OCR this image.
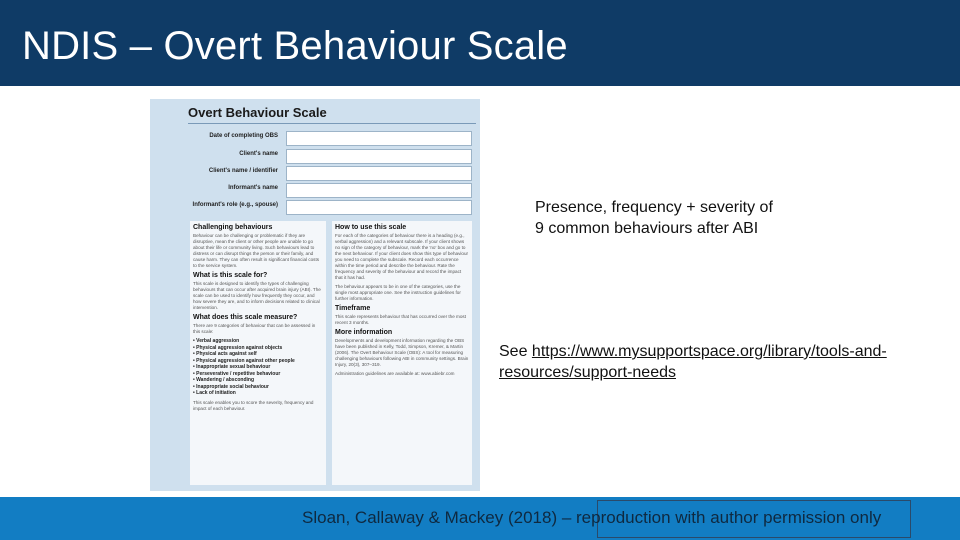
NDIS – Overt Behaviour Scale
Overt Behaviour Scale
Date of completing OBS
Client's name
Client's name / identifier
Informant's name
Informant's role (e.g., spouse)
Challenging behaviours
Behaviour can be challenging or problematic if they are disruptive, mean the client or other people are unable to go about their life or community living. Such behaviours lead to distress or can disrupt things the person or their family, and cause harm. They can often result in significant financial costs to the service system.
What is this scale for?
This scale is designed to identify the types of challenging behaviours that can occur after acquired brain injury (ABI). The scale can be used to identify how frequently they occur, and how severe they are, and to inform decisions related to clinical intervention.
What does this scale measure?
There are 9 categories of behaviour that can be assessed in this scale:
• Verbal aggression
• Physical aggression against objects
• Physical acts against self
• Physical aggression against other people
• Inappropriate sexual behaviour
• Perseverative / repetitive behaviour
• Wandering / absconding
• Inappropriate social behaviour
• Lack of initiation
This scale enables you to score the severity, frequency and impact of each behaviour.
How to use this scale
For each of the categories of behaviour there is a heading (e.g., verbal aggression) and a relevant subscale. If your client shows no sign of the category of behaviour, mark the 'no' box and go to the next behaviour. If your client does show this type of behaviour you need to complete the subscale. Record each occurrence within the time period and describe the behaviour. Rate the frequency and severity of the behaviour and record the impact that it has had.
The behaviour appears to be in one of the categories, use the single most appropriate one. See the instruction guidelines for further information.
Timeframe
This scale represents behaviour that has occurred over the most recent 3 months.
More information
Developments and development information regarding the OBS have been published in Kelly, Todd, Simpson, Kremer, & Martin (2006). The Overt Behaviour Scale (OBS): A tool for measuring challenging behaviours following ABI in community settings. Brain Injury, 20(3), 307–319.
Administration guidelines are available at: www.abiebr.com
Presence, frequency + severity of
9 common behaviours after ABI
See https://www.mysupportspace.org/library/tools-and-resources/support-needs
Sloan, Callaway & Mackey (2018) – reproduction with author permission only
